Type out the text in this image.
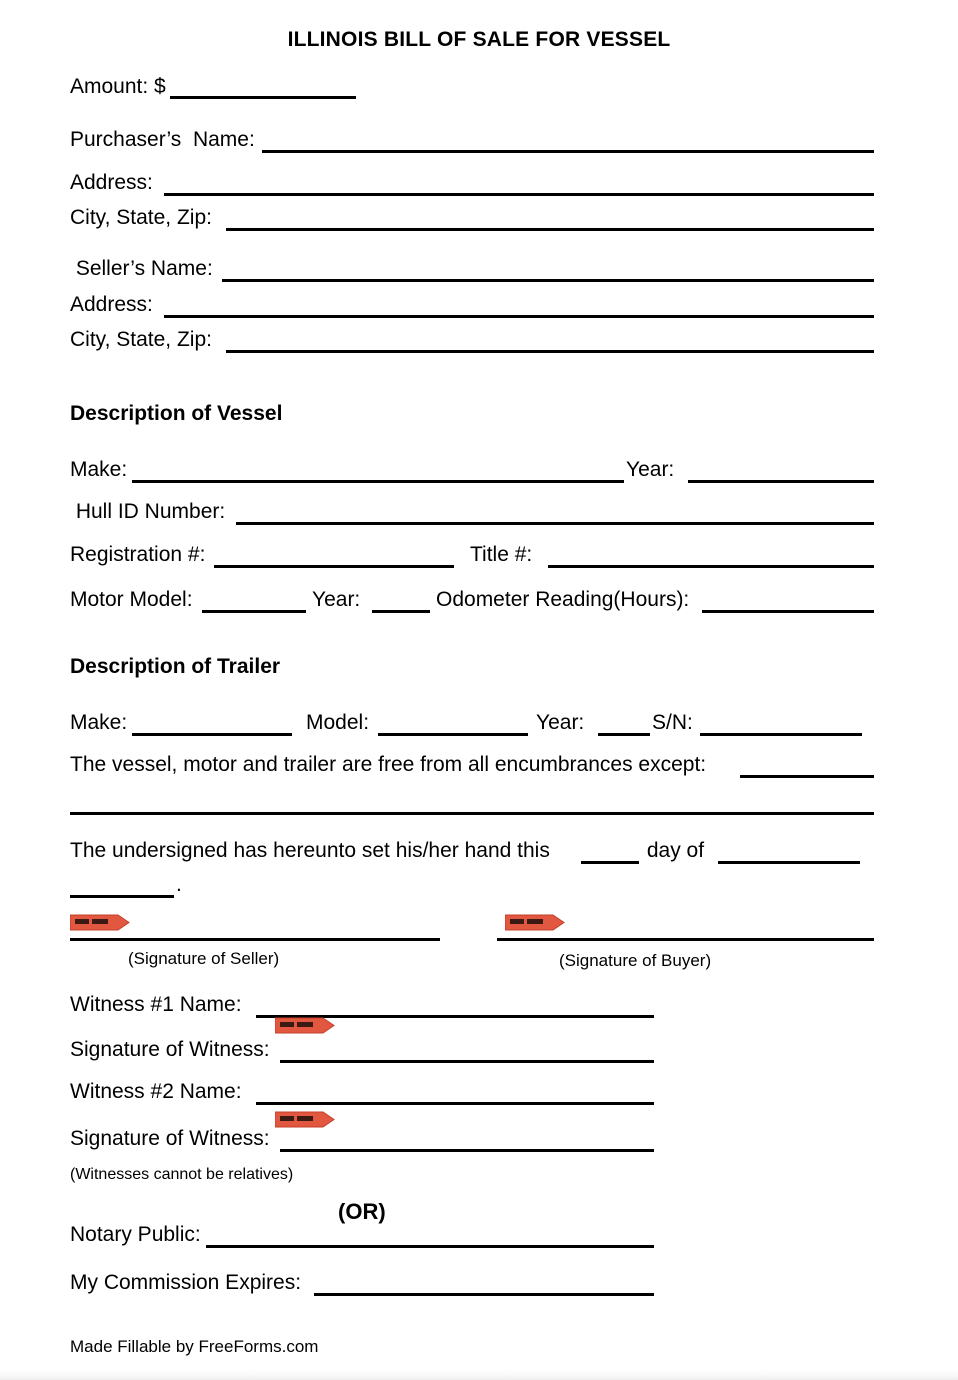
ILLINOIS BILL OF SALE FOR VESSEL
Amount: $
Purchaser’s  Name:
Address:
City, State, Zip:
Seller’s Name:
Address:
City, State, Zip:
Description of Vessel
Make:	Year:
Hull ID Number:
Registration #:	Title #:
Motor Model:	Year:	Odometer Reading(Hours):
Description of Trailer
Make:	Model:	Year:	S/N:
The vessel, motor and trailer are free from all encumbrances except:
The undersigned has hereunto set his/her hand this	day of
.
(Signature of Seller)	(Signature of Buyer)
Witness #1 Name:
Signature of Witness:
Witness #2 Name:
Signature of Witness:
(Witnesses cannot be relatives)
(OR)
Notary Public:
My Commission Expires:
Made Fillable by FreeForms.com
